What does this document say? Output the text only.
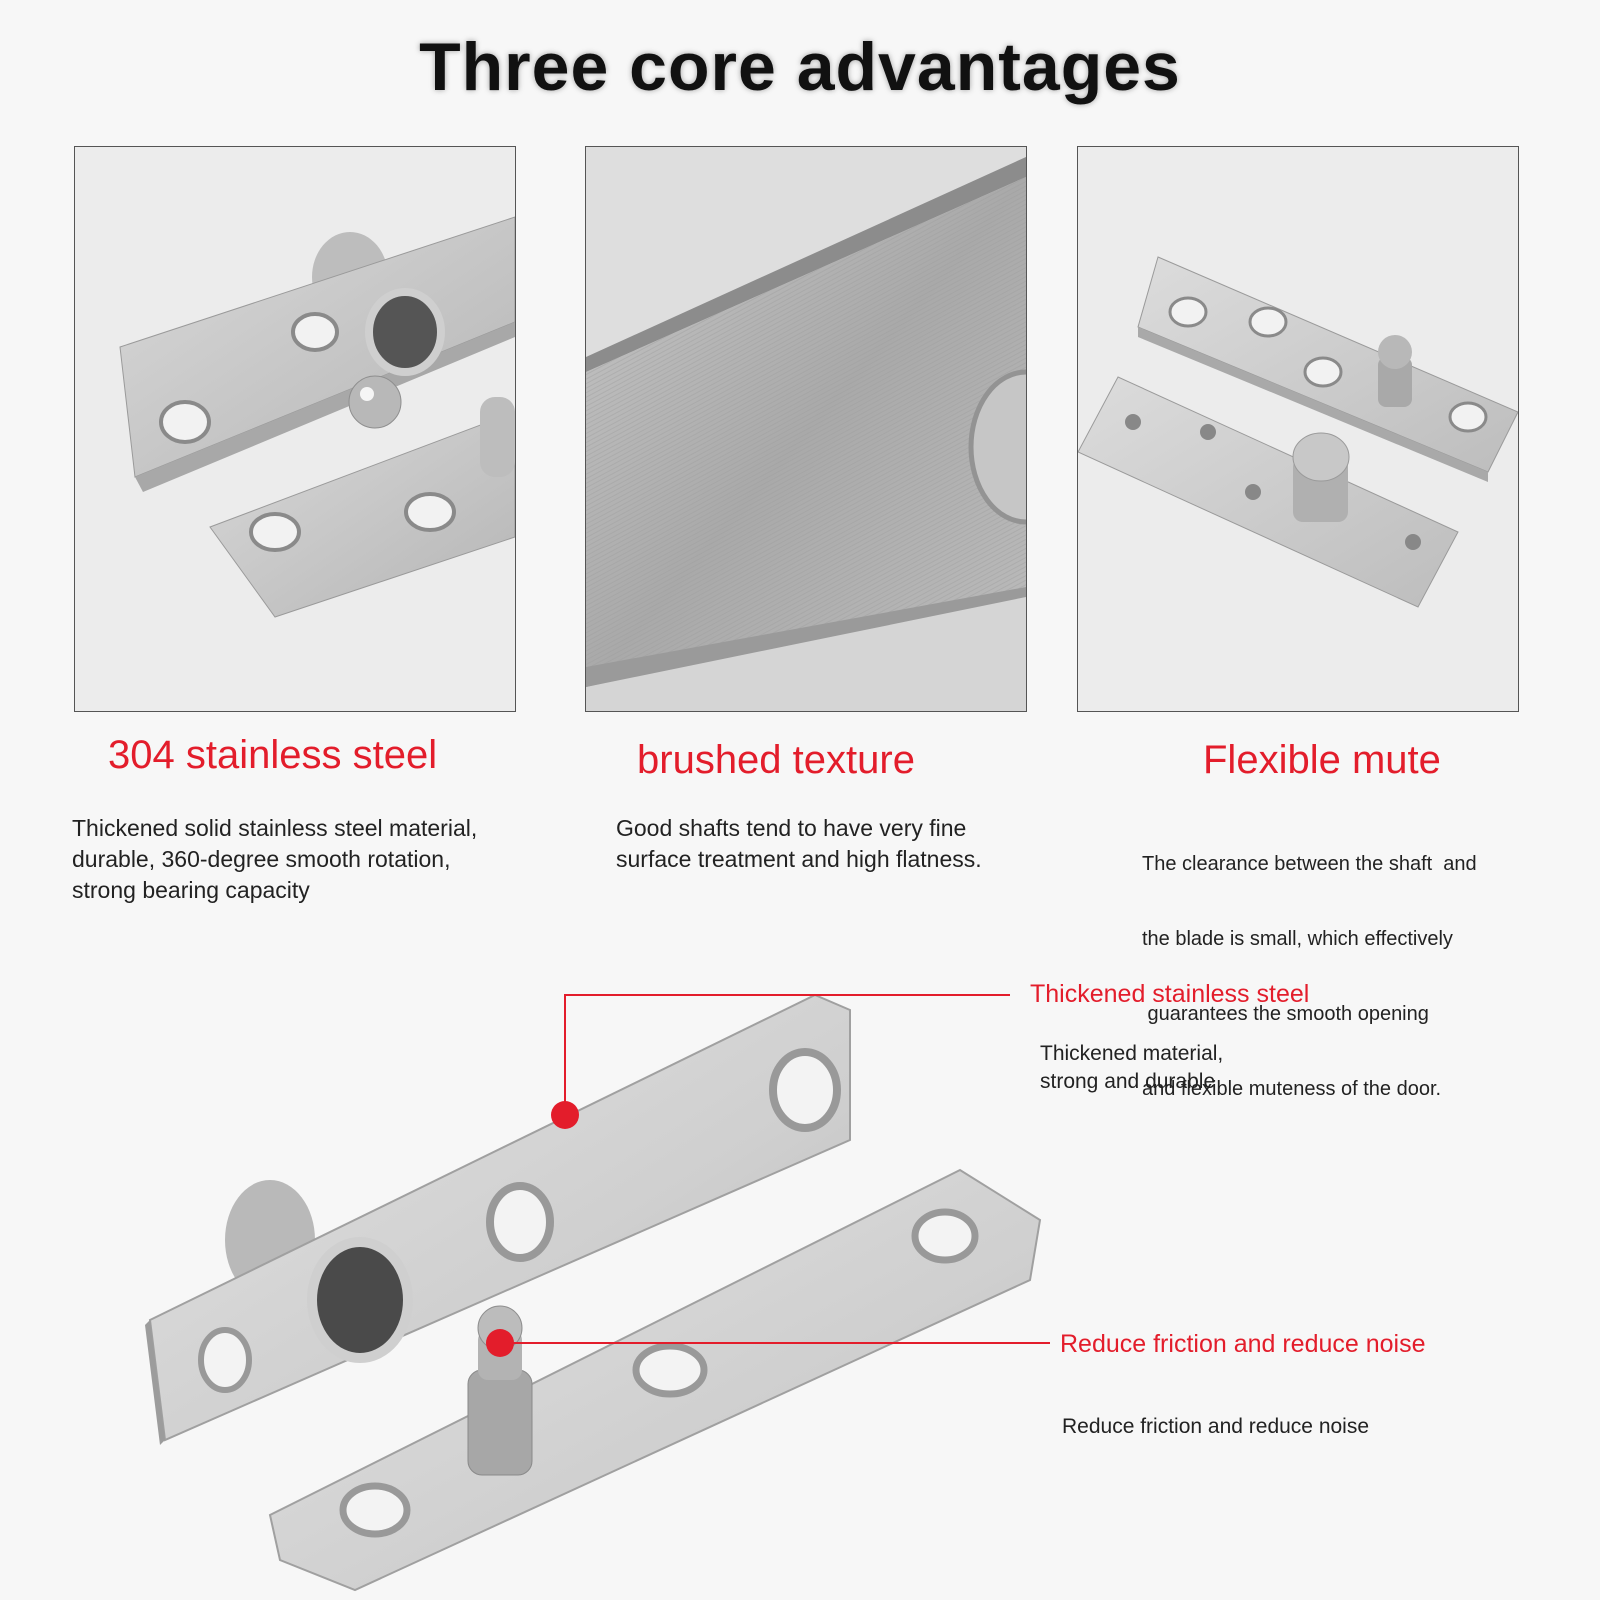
Three core advantages
304 stainless steel	brushed texture	Flexible mute
Thickened solid stainless steel material,
durable, 360-degree smooth rotation,
strong bearing capacity
Good shafts tend to have very fine
surface treatment and high flatness.

	The clearance between the shaft  and

the blade is small, which effectively

guarantees the smooth opening

and flexible muteness of the door.

Thickened stainless steel
Thickened material,
strong and durable
Reduce friction and reduce noise
Reduce friction and reduce noise
